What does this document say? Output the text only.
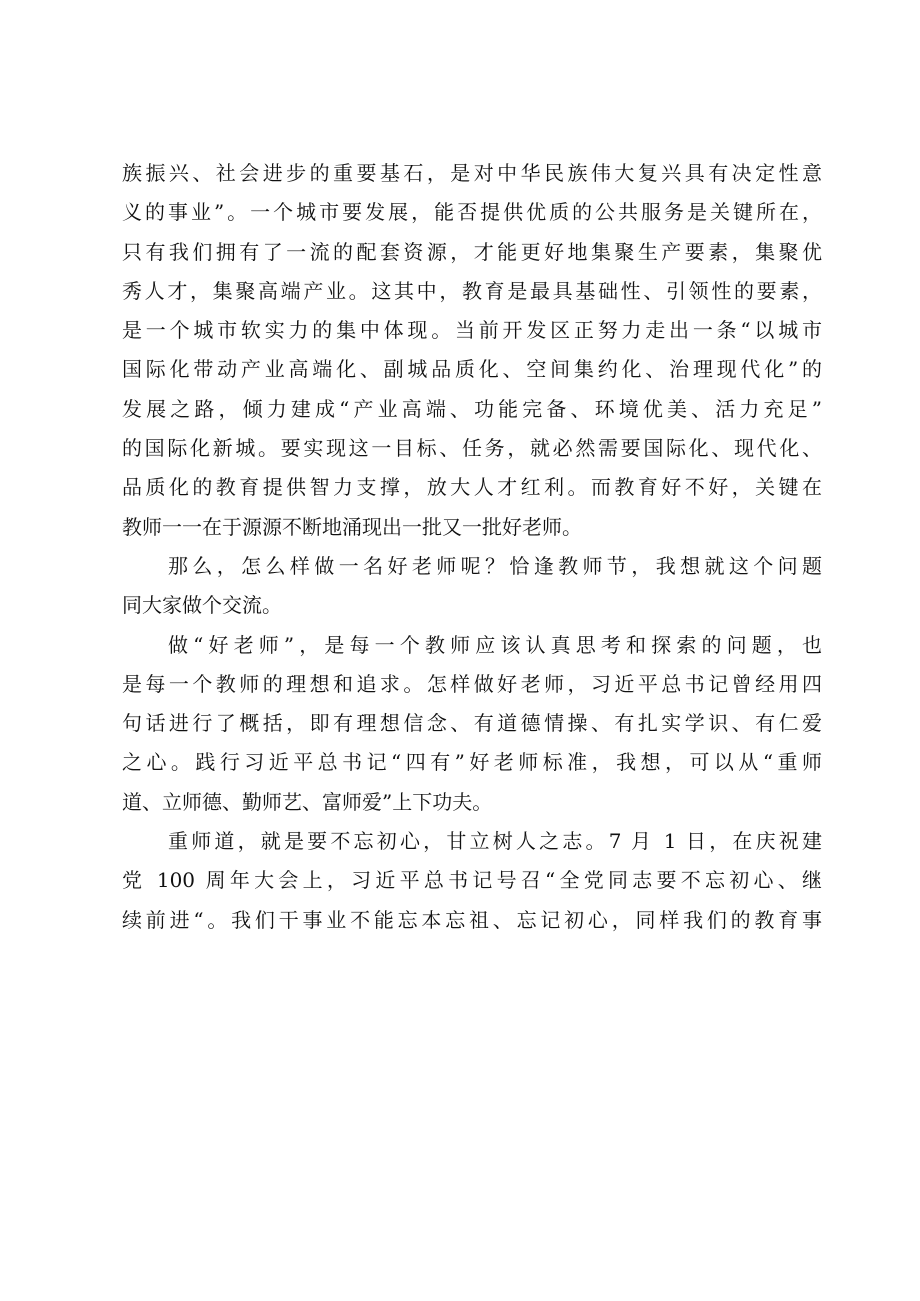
族振兴、社会进步的重要基石，是对中华民族伟大复兴具有决定性意
义的事业”。一个城市要发展，能否提供优质的公共服务是关键所在，
只有我们拥有了一流的配套资源，才能更好地集聚生产要素，集聚优
秀人才，集聚高端产业。这其中，教育是最具基础性、引领性的要素，
是一个城市软实力的集中体现。当前开发区正努力走出一条“以城市
国际化带动产业高端化、副城品质化、空间集约化、治理现代化”的
发展之路，倾力建成“产业高端、功能完备、环境优美、活力充足”
的国际化新城。要实现这一目标、任务，就必然需要国际化、现代化、
品质化的教育提供智力支撑，放大人才红利。而教育好不好，关键在
教师一一在于源源不断地涌现出一批又一批好老师。
那么，怎么样做一名好老师呢？恰逢教师节，我想就这个问题
同大家做个交流。
做“好老师”，是每一个教师应该认真思考和探索的问题，也
是每一个教师的理想和追求。怎样做好老师，习近平总书记曾经用四
句话进行了概括，即有理想信念、有道德情操、有扎实学识、有仁爱
之心。践行习近平总书记“四有”好老师标准，我想，可以从“重师
道、立师德、勤师艺、富师爱”上下功夫。
重师道，就是要不忘初心，甘立树人之志。7 月 1 日，在庆祝建
党 100 周年大会上，习近平总书记号召“全党同志要不忘初心、继
续前进“。我们干事业不能忘本忘祖、忘记初心，同样我们的教育事
